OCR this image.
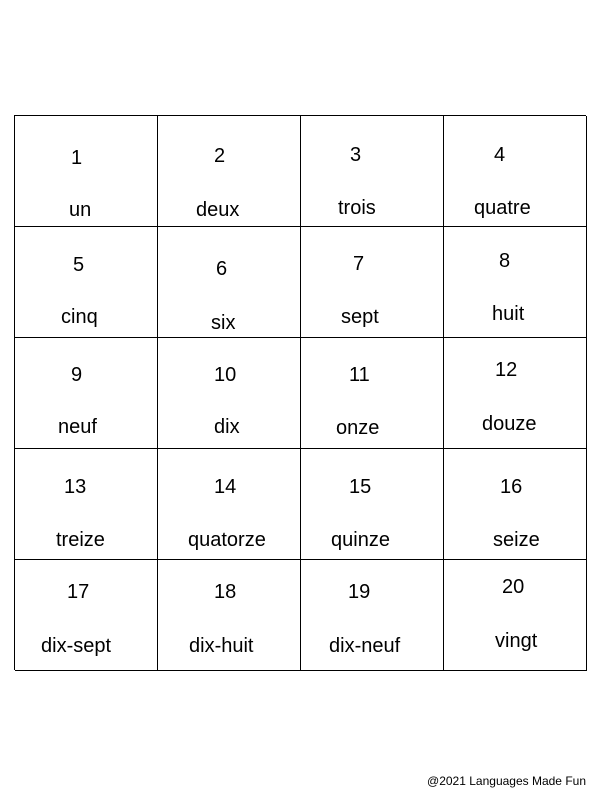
1
un
2
deux
3
trois
4
quatre
5
cinq
6
six
7
sept
8
huit
9
neuf
10
dix
11
onze
12
douze
13
treize
14
quatorze
15
quinze
16
seize
17
dix-sept
18
dix-huit
19
dix-neuf
20
vingt
@2021 Languages Made Fun
